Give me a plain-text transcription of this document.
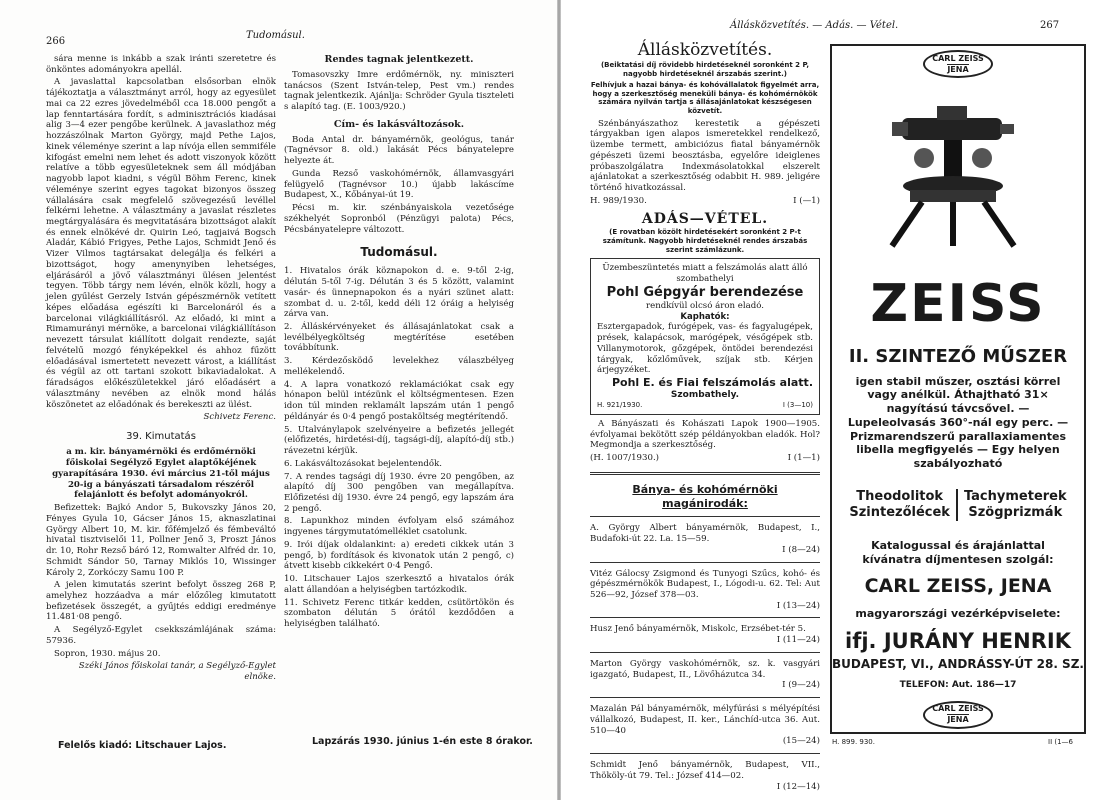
266
Tudomásul.

sára menne is inkább a szak iránti szeretetre és önköntes adományokra apellál.

A javaslattal kapcsolatban elsősorban elnök tájékoztatja a választmányt arról, hogy az egyesület mai ca 22 ezres jövedelméből cca 18.000 pengőt a lap fenntartására fordít, s adminisztrációs kiadásai alig 3—4 ezer pengőbe kerülnek. A javaslathoz még hozzászólnak Marton György, majd Pethe Lajos, kinek véleménye szerint a lap nívója ellen semmiféle kifogást emelni nem lehet és adott viszonyok között relatíve a több egyesületeknek sem áll módjában nagyobb lapot kiadni, s végül Böhm Ferenc, kinek véleménye szerint egyes tagokat bizonyos összeg vállalására csak megfelelő szövegezésű levéllel felkérni lehetne. A választmány a javaslat részletes megtárgyalására és megvitatására bizottságot alakít és ennek elnökévé dr. Quirin Leó, tagjaivá Bogsch Aladár, Kábió Frigyes, Pethe Lajos, Schmidt Jenő és Vizer Vilmos tagtársakat delegálja és felkéri a bizottságot, hogy amenynyiben lehetséges, eljárásáról a jövő választmányi ülésen jelentést tegyen. Több tárgy nem lévén, elnök közli, hogy a jelen gyűlést Gerzely István gépészmérnök vetített képes előadása egészíti ki Barcelonáról és a barcelonai világkiállításról. Az előadó, ki mint a Rimamurányi mérnöke, a barcelonai világkiállításon nevezett társulat kiállított dolgait rendezte, saját felvételű mozgó fényképekkel és ahhoz fűzött előadásával ismertetett nevezett várost, a kiállítást és végül az ott tartani szokott bikaviadalokat. A fáradságos előkészületekkel járó előadásért a választmány nevében az elnök mond hálás köszönetet az előadónak és berekeszti az ülést.

Schivetz Ferenc.

39. Kimutatás

a m. kir. bányamérnöki és erdőmérnöki főiskolai Segélyző Egylet alaptőkéjének gyarapítására 1930. évi március 21-től május 20-ig a bányászati társadalom részéről felajánlott és befolyt adományokról.

Befizettek: Bajkó Andor 5, Bukovszky János 20, Fényes Gyula 10, Gácser János 15, aknaszlatinai György Albert 10, M. kir. főfémjelző és fémbeváltó hivatal tisztviselői 11, Pollner Jenő 3, Proszt János dr. 10, Rohr Rezső báró 12, Romwalter Alfréd dr. 10, Schmidt Sándor 50, Tarnay Miklós 10, Wissinger Károly 2, Zorkóczy Samu 100 P.

A jelen kimutatás szerint befolyt összeg 268 P, amelyhez hozzáadva a már előzőleg kimutatott befizetések összegét, a gyűjtés eddigi eredménye 11.481·08 pengő.

A Segélyző-Egylet csekkszámlájának száma: 57936.

Sopron, 1930. május 20.

Széki János főiskolai tanár, a Segélyző-Egylet elnöke.

Felelős kiadó: Litschauer Lajos.
Rendes tagnak jelentkezett.

Tomasovszky Imre erdőmérnök, ny. miniszteri tanácsos (Szent István-telep, Pest vm.) rendes tagnak jelentkezik. Ajánlja: Schröder Gyula tiszteleti s alapító tag. (E. 1003/920.)

Cím- és lakásváltozások.

Boda Antal dr. bányamérnök, geológus, tanár (Tagnévsor 8. old.) lakását Pécs bányatelepre helyezte át.

Gunda Rezső vaskohómérnök, államvasgyári felügyelő (Tagnévsor 10.) újabb lakáscíme Budapest, X., Kőbányai-út 19.

Pécsi m. kir. szénbányaiskola vezetősége székhelyét Sopronból (Pénzügyi palota) Pécs, Pécsbányatelepre változott.

Tudomásul.
1. Hivatalos órák köznapokon d. e. 9-től 2-ig, délután 5-től 7-ig. Délután 3 és 5 között, valamint vasár- és ünnepnapokon és a nyári szünet alatt: szombat d. u. 2-től, kedd déli 12 óráig a helyiség zárva van.
2. Álláskérvényeket és állásajánlatokat csak a levélbélyegköltség megtérítése esetében továbbítunk.
3. Kérdezősködő levelekhez válaszbélyeg mellékelendő.
4. A lapra vonatkozó reklamációkat csak egy hónapon belül intézünk el költségmentesen. Ezen idon túl minden reklamált lapszám után 1 pengő példányár és 0·4 pengő postaköltség megtérítendő.
5. Utalványlapok szelvényeire a befizetés jellegét (előfizetés, hirdetési-díj, tagsági-díj, alapító-díj stb.) rávezetni kérjük.
6. Lakásváltozásokat bejelentendők.
7. A rendes tagsági díj 1930. évre 20 pengőben, az alapító díj 300 pengőben van megállapítva. Előfizetési díj 1930. évre 24 pengő, egy lapszám ára 2 pengő.
8. Lapunkhoz minden évfolyam első számához ingyenes tárgymutatómelléklet csatolunk.
9. Irói díjak oldalankint: a) eredeti cikkek után 3 pengő, b) fordítások és kivonatok után 2 pengő, c) átvett kisebb cikkekért 0·4 Pengő.
10. Litschauer Lajos szerkesztő a hivatalos órák alatt állandóan a helyiségben tartózkodik.
11. Schivetz Ferenc titkár kedden, csütörtökön és szombaton délután 5 órától kezdődően a helyiségben található.
Lapzárás 1930. június 1-én este 8 órakor.
Állásközvetítés. — Adás. — Vétel.	267
Állásközvetítés.
(Beiktatási díj rövidebb hirdetéseknél soronként 2 P, nagyobb hirdetéseknél árszabás szerint.)
Felhívjuk a hazai bánya- és kohóvállalatok figyelmét arra, hogy a szerkesztőség meneküli bánya- és kohómérnökök számára nyilván tartja s állásajánlatokat készségesen közvetít.

Szénbányászathoz kerestetik a gépészeti tárgyakban igen alapos ismeretekkel rendelkező, üzembe termett, ambiciózus fiatal bányamérnök gépészeti üzemi beosztásba, egyelőre ideiglenes próbaszolgálatra Indexmásolatokkal elszerelt ajánlatokat a szerkesztőség odabbit H. 989. jeligére történő hivatkozással.

H. 989/1930.	I (—1)
ADÁS—VÉTEL.
(E rovatban közölt hirdetésekért soronként 2 P-t számítunk. Nagyobb hirdetéseknél rendes árszabás szerint számlázunk.
Üzembeszüntetés miatt a felszámolás alatt álló szombathelyi
Pohl Gépgyár berendezése
rendkívül olcsó áron eladó.
Kaphatók:
Esztergapadok, furógépek, vas- és fagyalugépek, prések, kalapácsok, marógépek, vésőgépek stb. Villanymotorok, gőzgépek, öntödei berendezési tárgyak, kőzlőművek, szíjak stb. Kérjen árjegyzéket.
Pohl E. és Fiai felszámolás alatt.
Szombathely.
H. 921/1930.	I (3—10)

A Bányászati és Kohászati Lapok 1900—1905. évfolyamai bekötött szép példányokban eladók. Hol? Megmondja a szerkesztőség.

(H. 1007/1930.)	I (1—1)
Bánya- és kohómérnöki magánirodák:
A. György Albert bányamérnök, Budapest, I., Budafoki-út 22. La. 15—59.
I (8—24)
Vitéz Gálocsy Zsigmond és Tunyogi Szűcs, kohó- és gépészmérnökök Budapest, I., Lógodi-u. 62. Tel: Aut 526—92, József 378—03.
I (13—24)
Husz Jenő bányamérnök, Miskolc, Erzsébet-tér 5.
I (11—24)
Marton György vaskohómérnök, sz. k. vasgyári igazgató, Budapest, II., Lövőházutca 34.
I (9—24)
Mazalán Pál bányamérnök, mélyfúrási s mélyépítési vállalkozó, Budapest, II. ker., Lánchíd-utca 36. Aut. 510—40
(15—24)
Schmidt Jenő bányamérnök, Budapest, VII., Thököly-út 79. Tel.: József 414—02.
I (12—14)
CARL ZEISS
JENA
ZEISS
II. SZINTEZŐ MŰSZER
igen stabil műszer, osztási körrel vagy anélkül. Áthajtható 31× nagyítású távcsővel. — Lupeleolvasás 360°-nál egy perc. — Prizmarendszerű parallaxiamentes libella megfigyelés — Egy helyen szabályozható
Theodolitok
Szintezőlécek
Tachymeterek
Szögprizmák
Katalogussal és árajánlattal kívánatra díjmentesen szolgál:
CARL ZEISS, JENA
magyarországi vezérképviselete:
ifj. JURÁNY HENRIK
BUDAPEST, VI., ANDRÁSSY-ÚT 28. SZ.
TELEFON: Aut. 186—17
CARL ZEISS
JENA
H. 899. 930.	II (1—6
